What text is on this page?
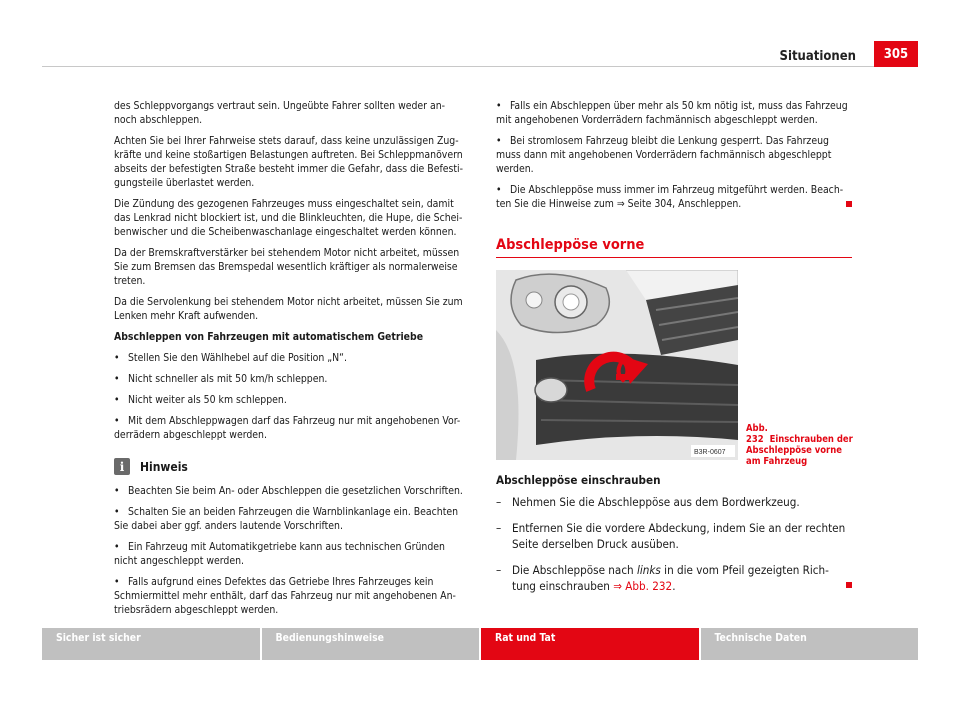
Situationen	305

des Schleppvorgangs vertraut sein. Ungeübte Fahrer sollten weder an- noch abschleppen.

Achten Sie bei Ihrer Fahrweise stets darauf, dass keine unzulässigen Zug-kräfte und keine stoßartigen Belastungen auftreten. Bei Schleppmanövern abseits der befestigten Straße besteht immer die Gefahr, dass die Befesti-gungsteile überlastet werden.

Die Zündung des gezogenen Fahrzeuges muss eingeschaltet sein, damit das Lenkrad nicht blockiert ist, und die Blinkleuchten, die Hupe, die Schei-benwischer und die Scheibenwaschanlage eingeschaltet werden können.

Da der Bremskraftverstärker bei stehendem Motor nicht arbeitet, müssen Sie zum Bremsen das Bremspedal wesentlich kräftiger als normalerweise treten.

Da die Servolenkung bei stehendem Motor nicht arbeitet, müssen Sie zum Lenken mehr Kraft aufwenden.

Abschleppen von Fahrzeugen mit automatischem Getriebe
• Stellen Sie den Wählhebel auf die Position „N“.
• Nicht schneller als mit 50 km/h schleppen.
• Nicht weiter als 50 km schleppen.
• Mit dem Abschleppwagen darf das Fahrzeug nur mit angehobenen Vor-derrädern abgeschleppt werden.
i	Hinweis
• Beachten Sie beim An- oder Abschleppen die gesetzlichen Vorschriften.
• Schalten Sie an beiden Fahrzeugen die Warnblinkanlage ein. Beachten Sie dabei aber ggf. anders lautende Vorschriften.
• Ein Fahrzeug mit Automatikgetriebe kann aus technischen Gründen nicht angeschleppt werden.
• Falls aufgrund eines Defektes das Getriebe Ihres Fahrzeuges kein Schmiermittel mehr enthält, darf das Fahrzeug nur mit angehobenen An-triebsrädern abgeschleppt werden.
• Falls ein Abschleppen über mehr als 50 km nötig ist, muss das Fahrzeug mit angehobenen Vorderrädern fachmännisch abgeschleppt werden.
• Bei stromlosem Fahrzeug bleibt die Lenkung gesperrt. Das Fahrzeug muss dann mit angehobenen Vorderrädern fachmännisch abgeschleppt werden.
• Die Abschleppöse muss immer im Fahrzeug mitgeführt werden. Beach-ten Sie die Hinweise zum ⇒ Seite 304, Anschleppen.
Abschleppöse vorne
B3R-0607
Abb. 232 Einschrauben der Abschleppöse vorne am Fahrzeug
Abschleppöse einschrauben
– Nehmen Sie die Abschleppöse aus dem Bordwerkzeug.
– Entfernen Sie die vordere Abdeckung, indem Sie an der rechten Seite derselben Druck ausüben.
– Die Abschleppöse nach links in die vom Pfeil gezeigten Rich-tung einschrauben ⇒ Abb. 232.
Sicher ist sicher	Bedienungshinweise	Rat und Tat	Technische Daten
